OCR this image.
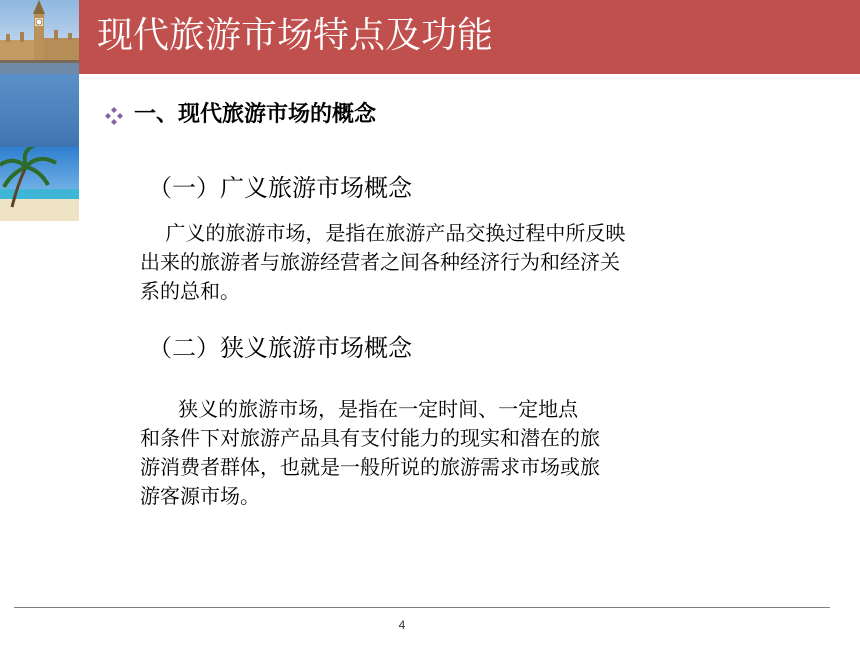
现代旅游市场特点及功能
一、现代旅游市场的概念
（一）广义旅游市场概念
广义的旅游市场，是指在旅游产品交换过程中所反映
出来的旅游者与旅游经营者之间各种经济行为和经济关
系的总和。
（二）狭义旅游市场概念
狭义的旅游市场，是指在一定时间、一定地点
和条件下对旅游产品具有支付能力的现实和潜在的旅
游消费者群体，也就是一般所说的旅游需求市场或旅
游客源市场。
4
